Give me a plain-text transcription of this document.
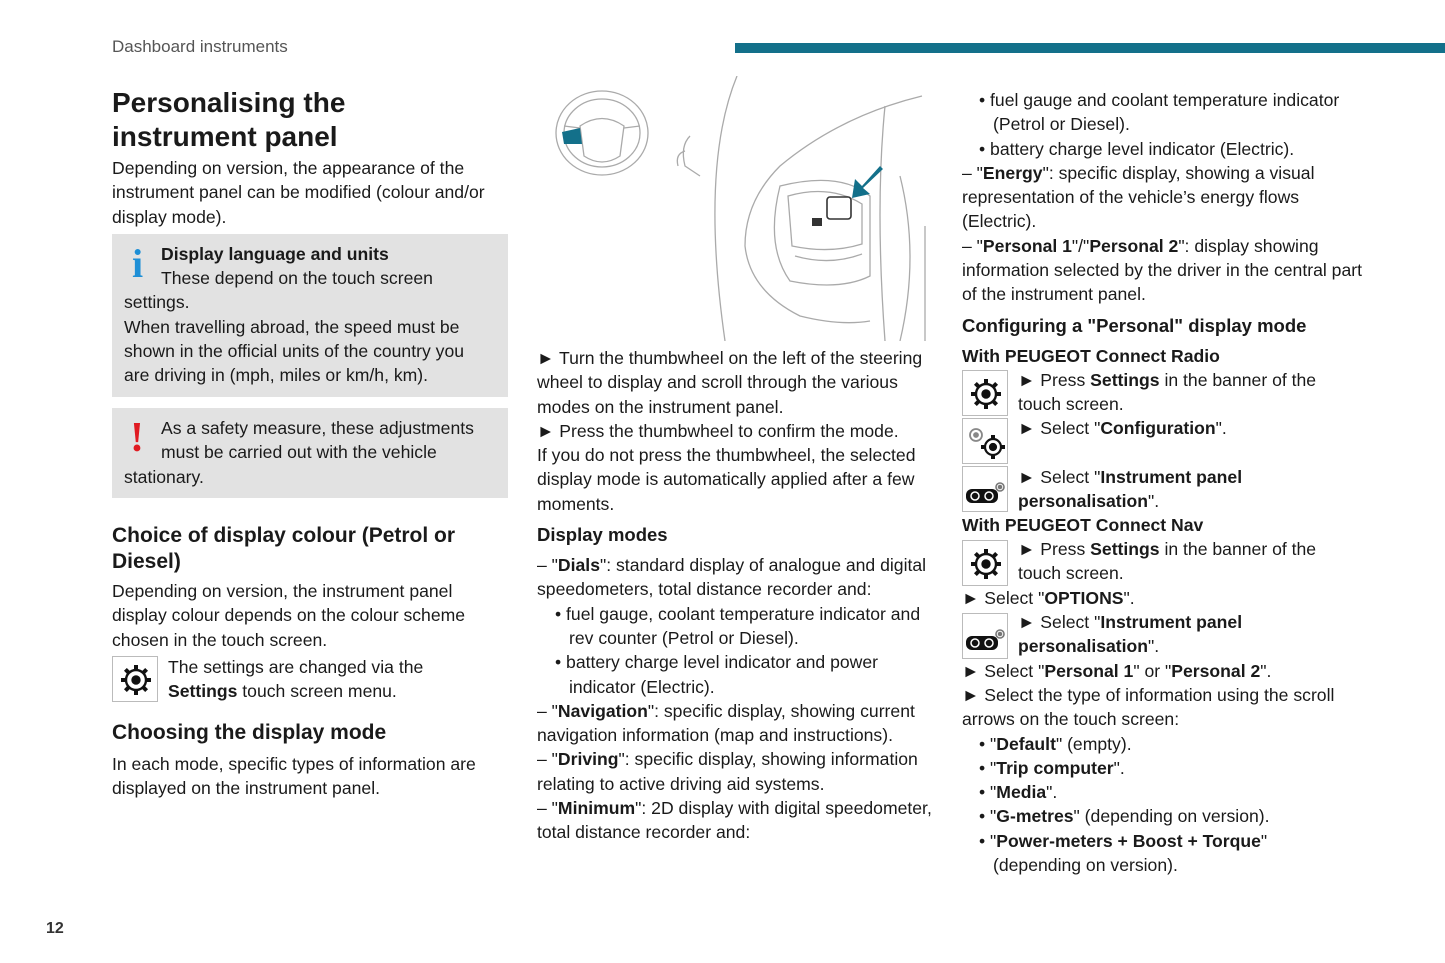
Dashboard instruments

Personalising the

instrument panel

Depending on version, the appearance of the instrument panel can be modified (colour and/or display mode).

i	Display language and units
These depend on the touch screen
settings.
When travelling abroad, the speed must be shown in the official units of the country you are driving in (mph, miles or km/h, km).
! As a safety measure, these adjustments
must be carried out with the vehicle
stationary.

Choice of display colour (Petrol or Diesel)

Depending on version, the instrument panel display colour depends on the colour scheme chosen in the touch screen.

The settings are changed via the

Settings touch screen menu.

Choosing the display mode

In each mode, specific types of information are displayed on the instrument panel.

► Turn the thumbwheel on the left of the steering wheel to display and scroll through the various modes on the instrument panel.

► Press the thumbwheel to confirm the mode.

If you do not press the thumbwheel, the selected display mode is automatically applied after a few moments.

Display modes

– "Dials": standard display of analogue and digital speedometers, total distance recorder and:

• fuel gauge, coolant temperature indicator and rev counter (Petrol or Diesel).

• battery charge level indicator and power indicator (Electric).

– "Navigation": specific display, showing current navigation information (map and instructions).

– "Driving": specific display, showing information relating to active driving aid systems.

– "Minimum": 2D display with digital speedometer, total distance recorder and:

• fuel gauge and coolant temperature indicator (Petrol or Diesel).

• battery charge level indicator (Electric).

– "Energy": specific display, showing a visual representation of the vehicle’s energy flows (Electric).

– "Personal 1"/"Personal 2": display showing information selected by the driver in the central part of the instrument panel.

Configuring a "Personal" display mode

With PEUGEOT Connect Radio

► Press Settings in the banner of the touch screen.

► Select "Configuration".

► Select "Instrument panel personalisation".

With PEUGEOT Connect Nav

► Press Settings in the banner of the touch screen.

► Select "OPTIONS".

► Select "Instrument panel personalisation".

► Select "Personal 1" or "Personal 2".

► Select the type of information using the scroll arrows on the touch screen:

• "Default" (empty).

• "Trip computer".

• "Media".

• "G-metres" (depending on version).

• "Power-meters + Boost + Torque"

(depending on version).

12
